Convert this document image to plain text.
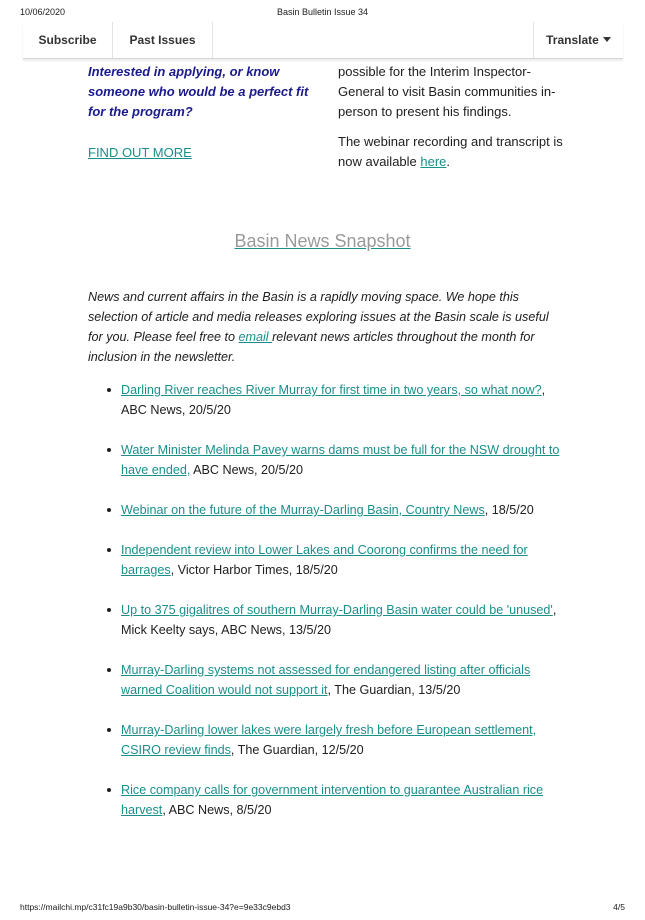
10/06/2020	Basin Bulletin Issue 34
Subscribe	Past Issues	Translate

Interested in applying, or know someone who would be a perfect fit for the program?

FIND OUT MORE

possible for the Interim Inspector-General to visit Basin communities in-person to present his findings.

The webinar recording and transcript is now available here.

Basin News Snapshot

News and current affairs in the Basin is a rapidly moving space. We hope this selection of article and media releases exploring issues at the Basin scale is useful for you. Please feel free to email relevant news articles throughout the month for inclusion in the newsletter.

Darling River reaches River Murray for first time in two years, so what now?, ABC News, 20/5/20
Water Minister Melinda Pavey warns dams must be full for the NSW drought to have ended, ABC News, 20/5/20
Webinar on the future of the Murray-Darling Basin, Country News, 18/5/20
Independent review into Lower Lakes and Coorong confirms the need for barrages, Victor Harbor Times, 18/5/20
Up to 375 gigalitres of southern Murray-Darling Basin water could be 'unused', Mick Keelty says, ABC News, 13/5/20
Murray-Darling systems not assessed for endangered listing after officials warned Coalition would not support it, The Guardian, 13/5/20
Murray-Darling lower lakes were largely fresh before European settlement, CSIRO review finds, The Guardian, 12/5/20
Rice company calls for government intervention to guarantee Australian rice harvest, ABC News, 8/5/20
https://mailchi.mp/c31fc19a9b30/basin-bulletin-issue-34?e=9e33c9ebd3	4/5
